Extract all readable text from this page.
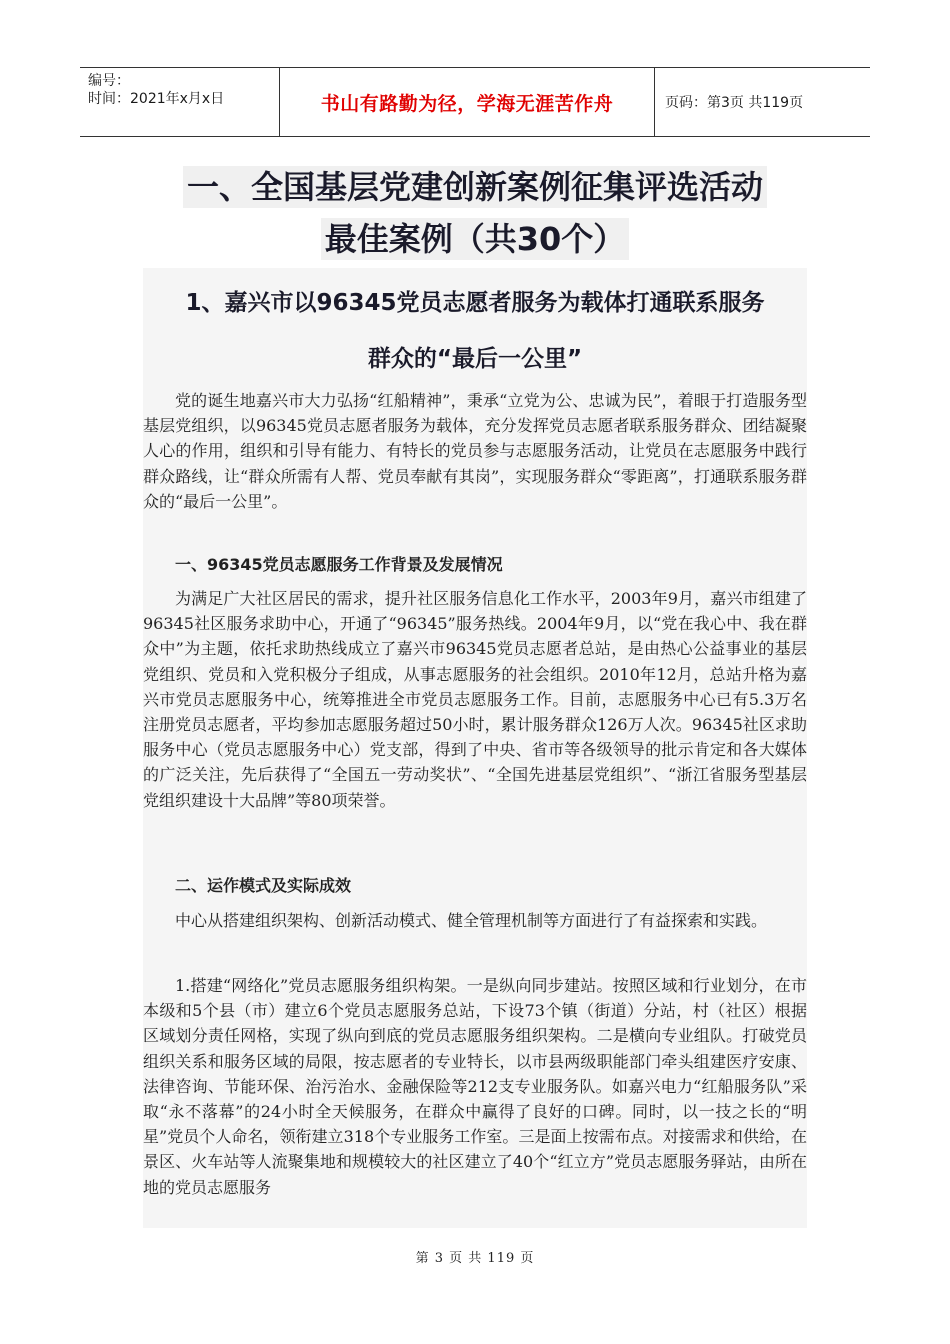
编号：
时间：2021年x月x日	书山有路勤为径，学海无涯苦作舟	页码：第3页 共119页
一、全国基层党建创新案例征集评选活动
最佳案例（共30个）
1、嘉兴市以96345党员志愿者服务为载体打通联系服务
群众的“最后一公里”
党的诞生地嘉兴市大力弘扬“红船精神”，秉承“立党为公、忠诚为民”，着眼于打造服务型基层党组织，以96345党员志愿者服务为载体，充分发挥党员志愿者联系服务群众、团结凝聚人心的作用，组织和引导有能力、有特长的党员参与志愿服务活动，让党员在志愿服务中践行群众路线，让“群众所需有人帮、党员奉献有其岗”，实现服务群众“零距离”，打通联系服务群众的“最后一公里”。
一、96345党员志愿服务工作背景及发展情况
为满足广大社区居民的需求，提升社区服务信息化工作水平，2003年9月，嘉兴市组建了96345社区服务求助中心，开通了“96345”服务热线。2004年9月，以“党在我心中、我在群众中”为主题，依托求助热线成立了嘉兴市96345党员志愿者总站，是由热心公益事业的基层党组织、党员和入党积极分子组成，从事志愿服务的社会组织。2010年12月，总站升格为嘉兴市党员志愿服务中心，统筹推进全市党员志愿服务工作。目前，志愿服务中心已有5.3万名注册党员志愿者，平均参加志愿服务超过50小时，累计服务群众126万人次。96345社区求助服务中心（党员志愿服务中心）党支部，得到了中央、省市等各级领导的批示肯定和各大媒体的广泛关注，先后获得了“全国五一劳动奖状”、“全国先进基层党组织”、“浙江省服务型基层党组织建设十大品牌”等80项荣誉。
二、运作模式及实际成效
中心从搭建组织架构、创新活动模式、健全管理机制等方面进行了有益探索和实践。
1.搭建“网络化”党员志愿服务组织构架。一是纵向同步建站。按照区域和行业划分，在市本级和5个县（市）建立6个党员志愿服务总站，下设73个镇（街道）分站，村（社区）根据区域划分责任网格，实现了纵向到底的党员志愿服务组织架构。二是横向专业组队。打破党员组织关系和服务区域的局限，按志愿者的专业特长，以市县两级职能部门牵头组建医疗安康、法律咨询、节能环保、治污治水、金融保险等212支专业服务队。如嘉兴电力“红船服务队”采取“永不落幕”的24小时全天候服务，在群众中赢得了良好的口碑。同时，以一技之长的“明星”党员个人命名，领衔建立318个专业服务工作室。三是面上按需布点。对接需求和供给，在景区、火车站等人流聚集地和规模较大的社区建立了40个“红立方”党员志愿服务驿站，由所在地的党员志愿服务
第 3 页 共 119 页
